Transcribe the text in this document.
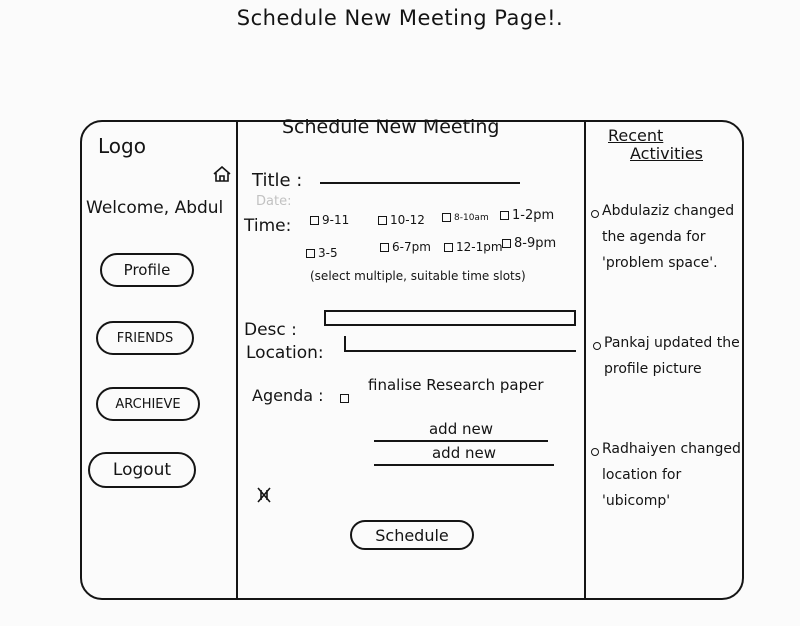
Schedule New Meeting Page!.
Logo
Welcome, Abdul
Profile
FRIENDS
ARCHIEVE
Logout
Schedule New Meeting
Title :
Date:
Time:	9-11	10-12	8-10am	1-2pm
3-5	6-7pm	12-1pm 8-9pm
(select multiple, suitable time slots)
Desc :
Location:
Agenda :
finalise Research paper
add new
add new
Schedule
Recent
Activities
Abdulaziz changed the agenda for 'problem space'.
Pankaj updated the profile picture
Radhaiyen changed location for 'ubicomp'
